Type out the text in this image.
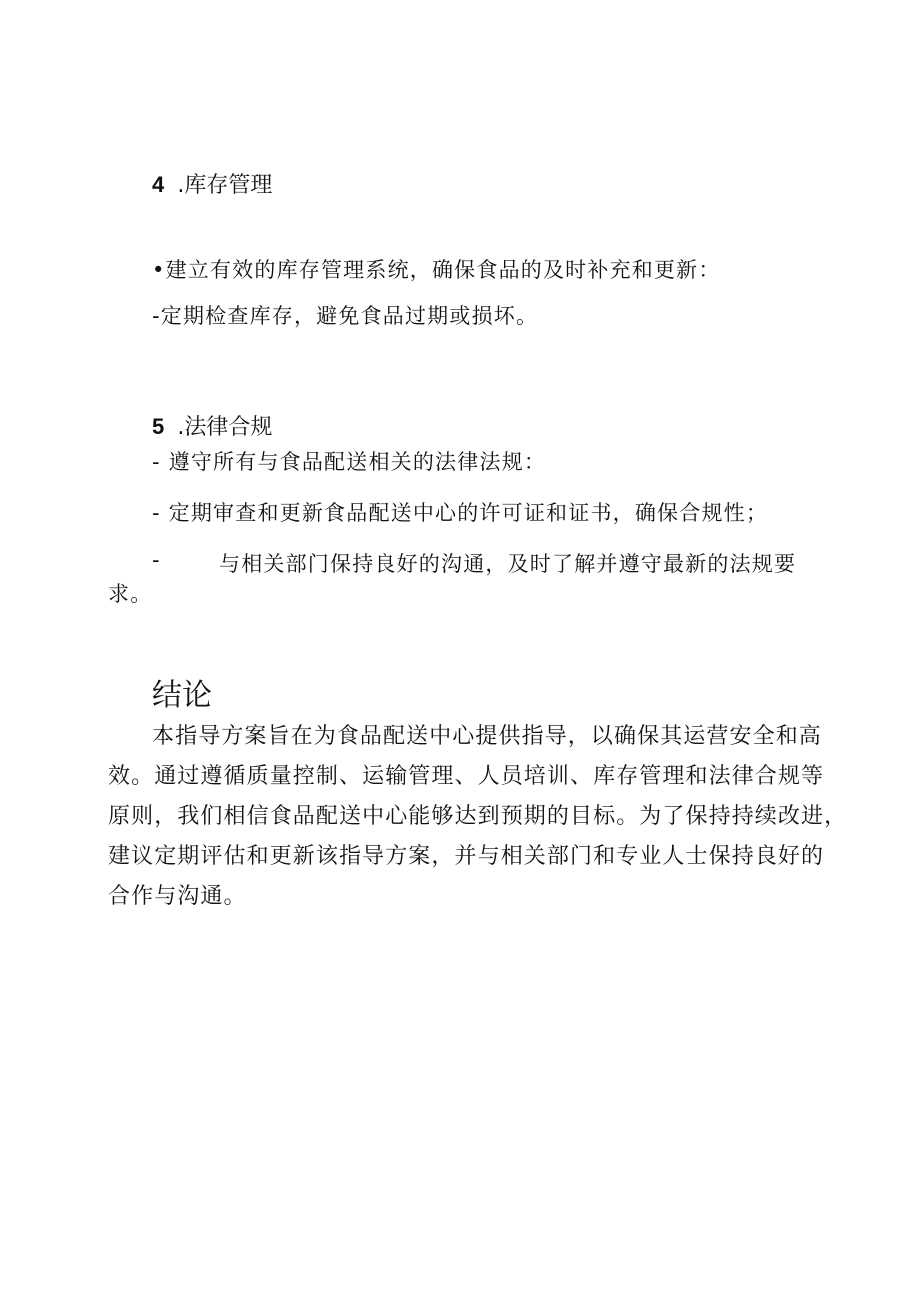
4 .库存管理

•建立有效的库存管理系统，确保食品的及时补充和更新：

-定期检查库存，避免食品过期或损坏。

5 .法律合规

- 遵守所有与食品配送相关的法律法规：

- 定期审查和更新食品配送中心的许可证和证书，确保合规性；

-	与相关部门保持良好的沟通，及时了解并遵守最新的法规要

求。

结论
本指导方案旨在为食品配送中心提供指导，以确保其运营安全和高
效。通过遵循质量控制、运输管理、人员培训、库存管理和法律合规等
原则，我们相信食品配送中心能够达到预期的目标。为了保持持续改进，
建议定期评估和更新该指导方案，并与相关部门和专业人士保持良好的
合作与沟通。
